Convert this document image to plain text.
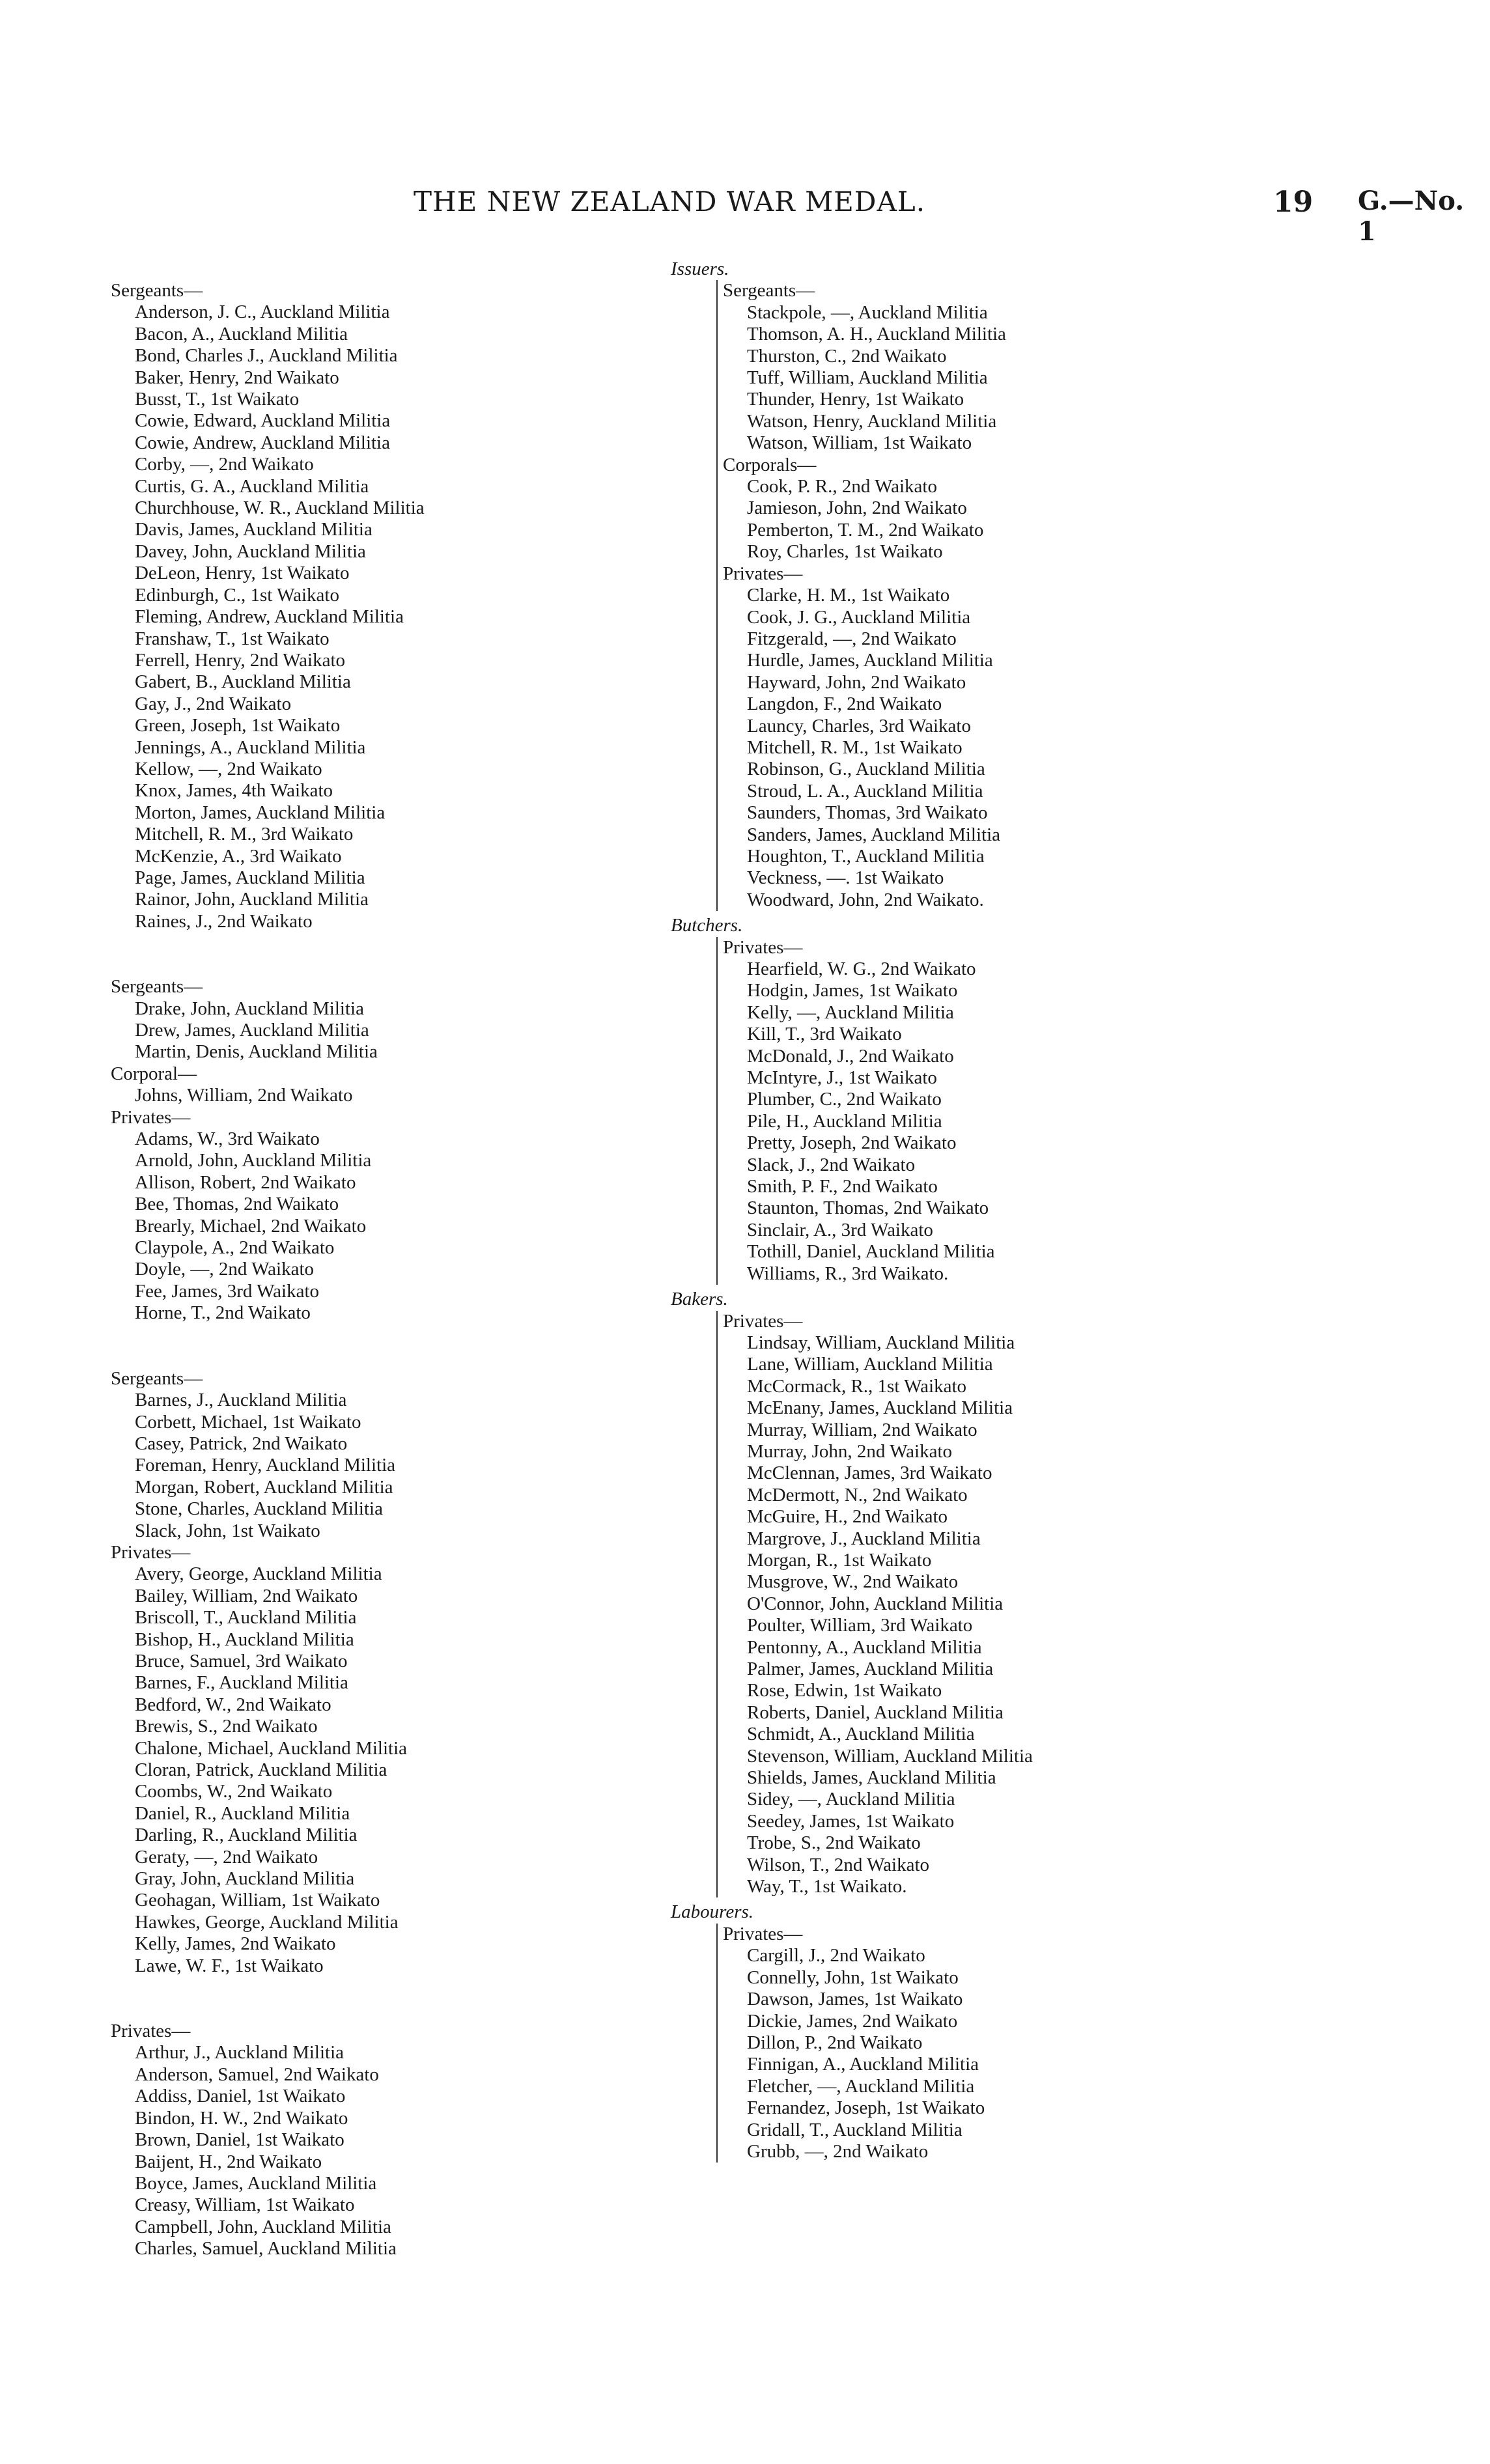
THE NEW ZEALAND WAR MEDAL.	19 G.—No. 1
Sergeants—
Anderson, J. C., Auckland Militia
Bacon, A., Auckland Militia
Bond, Charles J., Auckland Militia
Baker, Henry, 2nd Waikato
Busst, T., 1st Waikato
Cowie, Edward, Auckland Militia
Cowie, Andrew, Auckland Militia
Corby, —, 2nd Waikato
Curtis, G. A., Auckland Militia
Churchhouse, W. R., Auckland Militia
Davis, James, Auckland Militia
Davey, John, Auckland Militia
DeLeon, Henry, 1st Waikato
Edinburgh, C., 1st Waikato
Fleming, Andrew, Auckland Militia
Franshaw, T., 1st Waikato
Ferrell, Henry, 2nd Waikato
Gabert, B., Auckland Militia
Gay, J., 2nd Waikato
Green, Joseph, 1st Waikato
Jennings, A., Auckland Militia
Kellow, —, 2nd Waikato
Knox, James, 4th Waikato
Morton, James, Auckland Militia
Mitchell, R. M., 3rd Waikato
McKenzie, A., 3rd Waikato
Page, James, Auckland Militia
Rainor, John, Auckland Militia
Raines, J., 2nd Waikato
Sergeants—
Drake, John, Auckland Militia
Drew, James, Auckland Militia
Martin, Denis, Auckland Militia
Corporal—
Johns, William, 2nd Waikato
Privates—
Adams, W., 3rd Waikato
Arnold, John, Auckland Militia
Allison, Robert, 2nd Waikato
Bee, Thomas, 2nd Waikato
Brearly, Michael, 2nd Waikato
Claypole, A., 2nd Waikato
Doyle, —, 2nd Waikato
Fee, James, 3rd Waikato
Horne, T., 2nd Waikato
Sergeants—
Barnes, J., Auckland Militia
Corbett, Michael, 1st Waikato
Casey, Patrick, 2nd Waikato
Foreman, Henry, Auckland Militia
Morgan, Robert, Auckland Militia
Stone, Charles, Auckland Militia
Slack, John, 1st Waikato
Privates—
Avery, George, Auckland Militia
Bailey, William, 2nd Waikato
Briscoll, T., Auckland Militia
Bishop, H., Auckland Militia
Bruce, Samuel, 3rd Waikato
Barnes, F., Auckland Militia
Bedford, W., 2nd Waikato
Brewis, S., 2nd Waikato
Chalone, Michael, Auckland Militia
Cloran, Patrick, Auckland Militia
Coombs, W., 2nd Waikato
Daniel, R., Auckland Militia
Darling, R., Auckland Militia
Geraty, —, 2nd Waikato
Gray, John, Auckland Militia
Geohagan, William, 1st Waikato
Hawkes, George, Auckland Militia
Kelly, James, 2nd Waikato
Lawe, W. F., 1st Waikato
Privates—
Arthur, J., Auckland Militia
Anderson, Samuel, 2nd Waikato
Addiss, Daniel, 1st Waikato
Bindon, H. W., 2nd Waikato
Brown, Daniel, 1st Waikato
Baijent, H., 2nd Waikato
Boyce, James, Auckland Militia
Creasy, William, 1st Waikato
Campbell, John, Auckland Militia
Charles, Samuel, Auckland Militia
Issuers.
Sergeants—
Stackpole, —, Auckland Militia
Thomson, A. H., Auckland Militia
Thurston, C., 2nd Waikato
Tuff, William, Auckland Militia
Thunder, Henry, 1st Waikato
Watson, Henry, Auckland Militia
Watson, William, 1st Waikato
Corporals—
Cook, P. R., 2nd Waikato
Jamieson, John, 2nd Waikato
Pemberton, T. M., 2nd Waikato
Roy, Charles, 1st Waikato
Privates—
Clarke, H. M., 1st Waikato
Cook, J. G., Auckland Militia
Fitzgerald, —, 2nd Waikato
Hurdle, James, Auckland Militia
Hayward, John, 2nd Waikato
Langdon, F., 2nd Waikato
Launcy, Charles, 3rd Waikato
Mitchell, R. M., 1st Waikato
Robinson, G., Auckland Militia
Stroud, L. A., Auckland Militia
Saunders, Thomas, 3rd Waikato
Sanders, James, Auckland Militia
Houghton, T., Auckland Militia
Veckness, —. 1st Waikato
Woodward, John, 2nd Waikato.
Butchers.
Privates—
Hearfield, W. G., 2nd Waikato
Hodgin, James, 1st Waikato
Kelly, —, Auckland Militia
Kill, T., 3rd Waikato
McDonald, J., 2nd Waikato
McIntyre, J., 1st Waikato
Plumber, C., 2nd Waikato
Pile, H., Auckland Militia
Pretty, Joseph, 2nd Waikato
Slack, J., 2nd Waikato
Smith, P. F., 2nd Waikato
Staunton, Thomas, 2nd Waikato
Sinclair, A., 3rd Waikato
Tothill, Daniel, Auckland Militia
Williams, R., 3rd Waikato.
Bakers.
Privates—
Lindsay, William, Auckland Militia
Lane, William, Auckland Militia
McCormack, R., 1st Waikato
McEnany, James, Auckland Militia
Murray, William, 2nd Waikato
Murray, John, 2nd Waikato
McClennan, James, 3rd Waikato
McDermott, N., 2nd Waikato
McGuire, H., 2nd Waikato
Margrove, J., Auckland Militia
Morgan, R., 1st Waikato
Musgrove, W., 2nd Waikato
O'Connor, John, Auckland Militia
Poulter, William, 3rd Waikato
Pentonny, A., Auckland Militia
Palmer, James, Auckland Militia
Rose, Edwin, 1st Waikato
Roberts, Daniel, Auckland Militia
Schmidt, A., Auckland Militia
Stevenson, William, Auckland Militia
Shields, James, Auckland Militia
Sidey, —, Auckland Militia
Seedey, James, 1st Waikato
Trobe, S., 2nd Waikato
Wilson, T., 2nd Waikato
Way, T., 1st Waikato.
Labourers.
Privates—
Cargill, J., 2nd Waikato
Connelly, John, 1st Waikato
Dawson, James, 1st Waikato
Dickie, James, 2nd Waikato
Dillon, P., 2nd Waikato
Finnigan, A., Auckland Militia
Fletcher, —, Auckland Militia
Fernandez, Joseph, 1st Waikato
Gridall, T., Auckland Militia
Grubb, —, 2nd Waikato
